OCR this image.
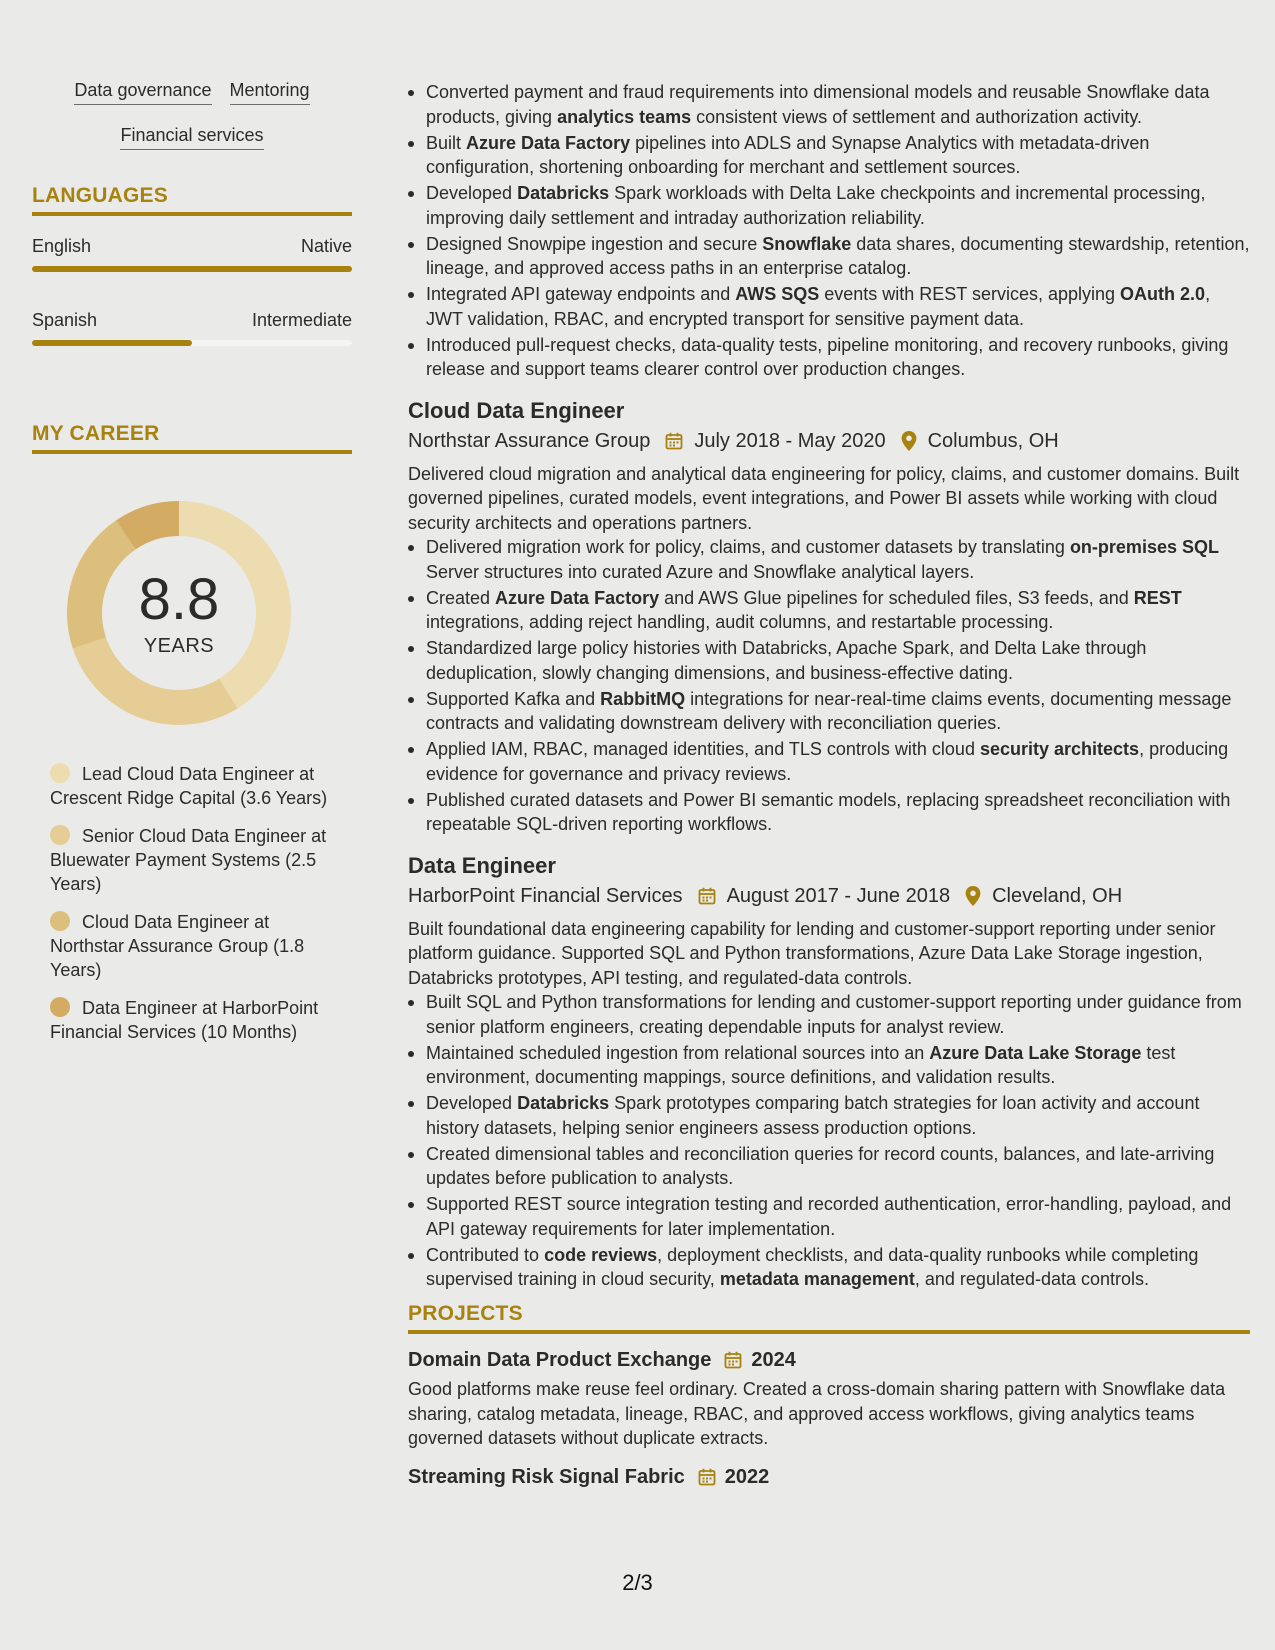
Data governance Mentoring
Financial services
LANGUAGES
English	Native
Spanish	Intermediate
MY CAREER
8.8
YEARS
Lead Cloud Data Engineer at Crescent Ridge Capital (3.6 Years)
Senior Cloud Data Engineer at Bluewater Payment Systems (2.5 Years)
Cloud Data Engineer at Northstar Assurance Group (1.8 Years)
Data Engineer at HarborPoint Financial Services (10 Months)
Converted payment and fraud requirements into dimensional models and reusable Snowflake data products, giving analytics teams consistent views of settlement and authorization activity.
Built Azure Data Factory pipelines into ADLS and Synapse Analytics with metadata-driven configuration, shortening onboarding for merchant and settlement sources.
Developed Databricks Spark workloads with Delta Lake checkpoints and incremental processing, improving daily settlement and intraday authorization reliability.
Designed Snowpipe ingestion and secure Snowflake data shares, documenting stewardship, retention, lineage, and approved access paths in an enterprise catalog.
Integrated API gateway endpoints and AWS SQS events with REST services, applying OAuth 2.0, JWT validation, RBAC, and encrypted transport for sensitive payment data.
Introduced pull-request checks, data-quality tests, pipeline monitoring, and recovery runbooks, giving release and support teams clearer control over production changes.
Cloud Data Engineer
Northstar Assurance Group July 2018 - May 2020 Columbus, OH
Delivered cloud migration and analytical data engineering for policy, claims, and customer domains. Built governed pipelines, curated models, event integrations, and Power BI assets while working with cloud security architects and operations partners.
Delivered migration work for policy, claims, and customer datasets by translating on-premises SQL Server structures into curated Azure and Snowflake analytical layers.
Created Azure Data Factory and AWS Glue pipelines for scheduled files, S3 feeds, and REST integrations, adding reject handling, audit columns, and restartable processing.
Standardized large policy histories with Databricks, Apache Spark, and Delta Lake through deduplication, slowly changing dimensions, and business-effective dating.
Supported Kafka and RabbitMQ integrations for near-real-time claims events, documenting message contracts and validating downstream delivery with reconciliation queries.
Applied IAM, RBAC, managed identities, and TLS controls with cloud security architects, producing evidence for governance and privacy reviews.
Published curated datasets and Power BI semantic models, replacing spreadsheet reconciliation with repeatable SQL-driven reporting workflows.
Data Engineer
HarborPoint Financial Services August 2017 - June 2018 Cleveland, OH
Built foundational data engineering capability for lending and customer-support reporting under senior platform guidance. Supported SQL and Python transformations, Azure Data Lake Storage ingestion, Databricks prototypes, API testing, and regulated-data controls.
Built SQL and Python transformations for lending and customer-support reporting under guidance from senior platform engineers, creating dependable inputs for analyst review.
Maintained scheduled ingestion from relational sources into an Azure Data Lake Storage test environment, documenting mappings, source definitions, and validation results.
Developed Databricks Spark prototypes comparing batch strategies for loan activity and account history datasets, helping senior engineers assess production options.
Created dimensional tables and reconciliation queries for record counts, balances, and late-arriving updates before publication to analysts.
Supported REST source integration testing and recorded authentication, error-handling, payload, and API gateway requirements for later implementation.
Contributed to code reviews, deployment checklists, and data-quality runbooks while completing supervised training in cloud security, metadata management, and regulated-data controls.
PROJECTS
Domain Data Product Exchange 2024
Good platforms make reuse feel ordinary. Created a cross-domain sharing pattern with Snowflake data sharing, catalog metadata, lineage, RBAC, and approved access workflows, giving analytics teams governed datasets without duplicate extracts.
Streaming Risk Signal Fabric 2022
2/3
